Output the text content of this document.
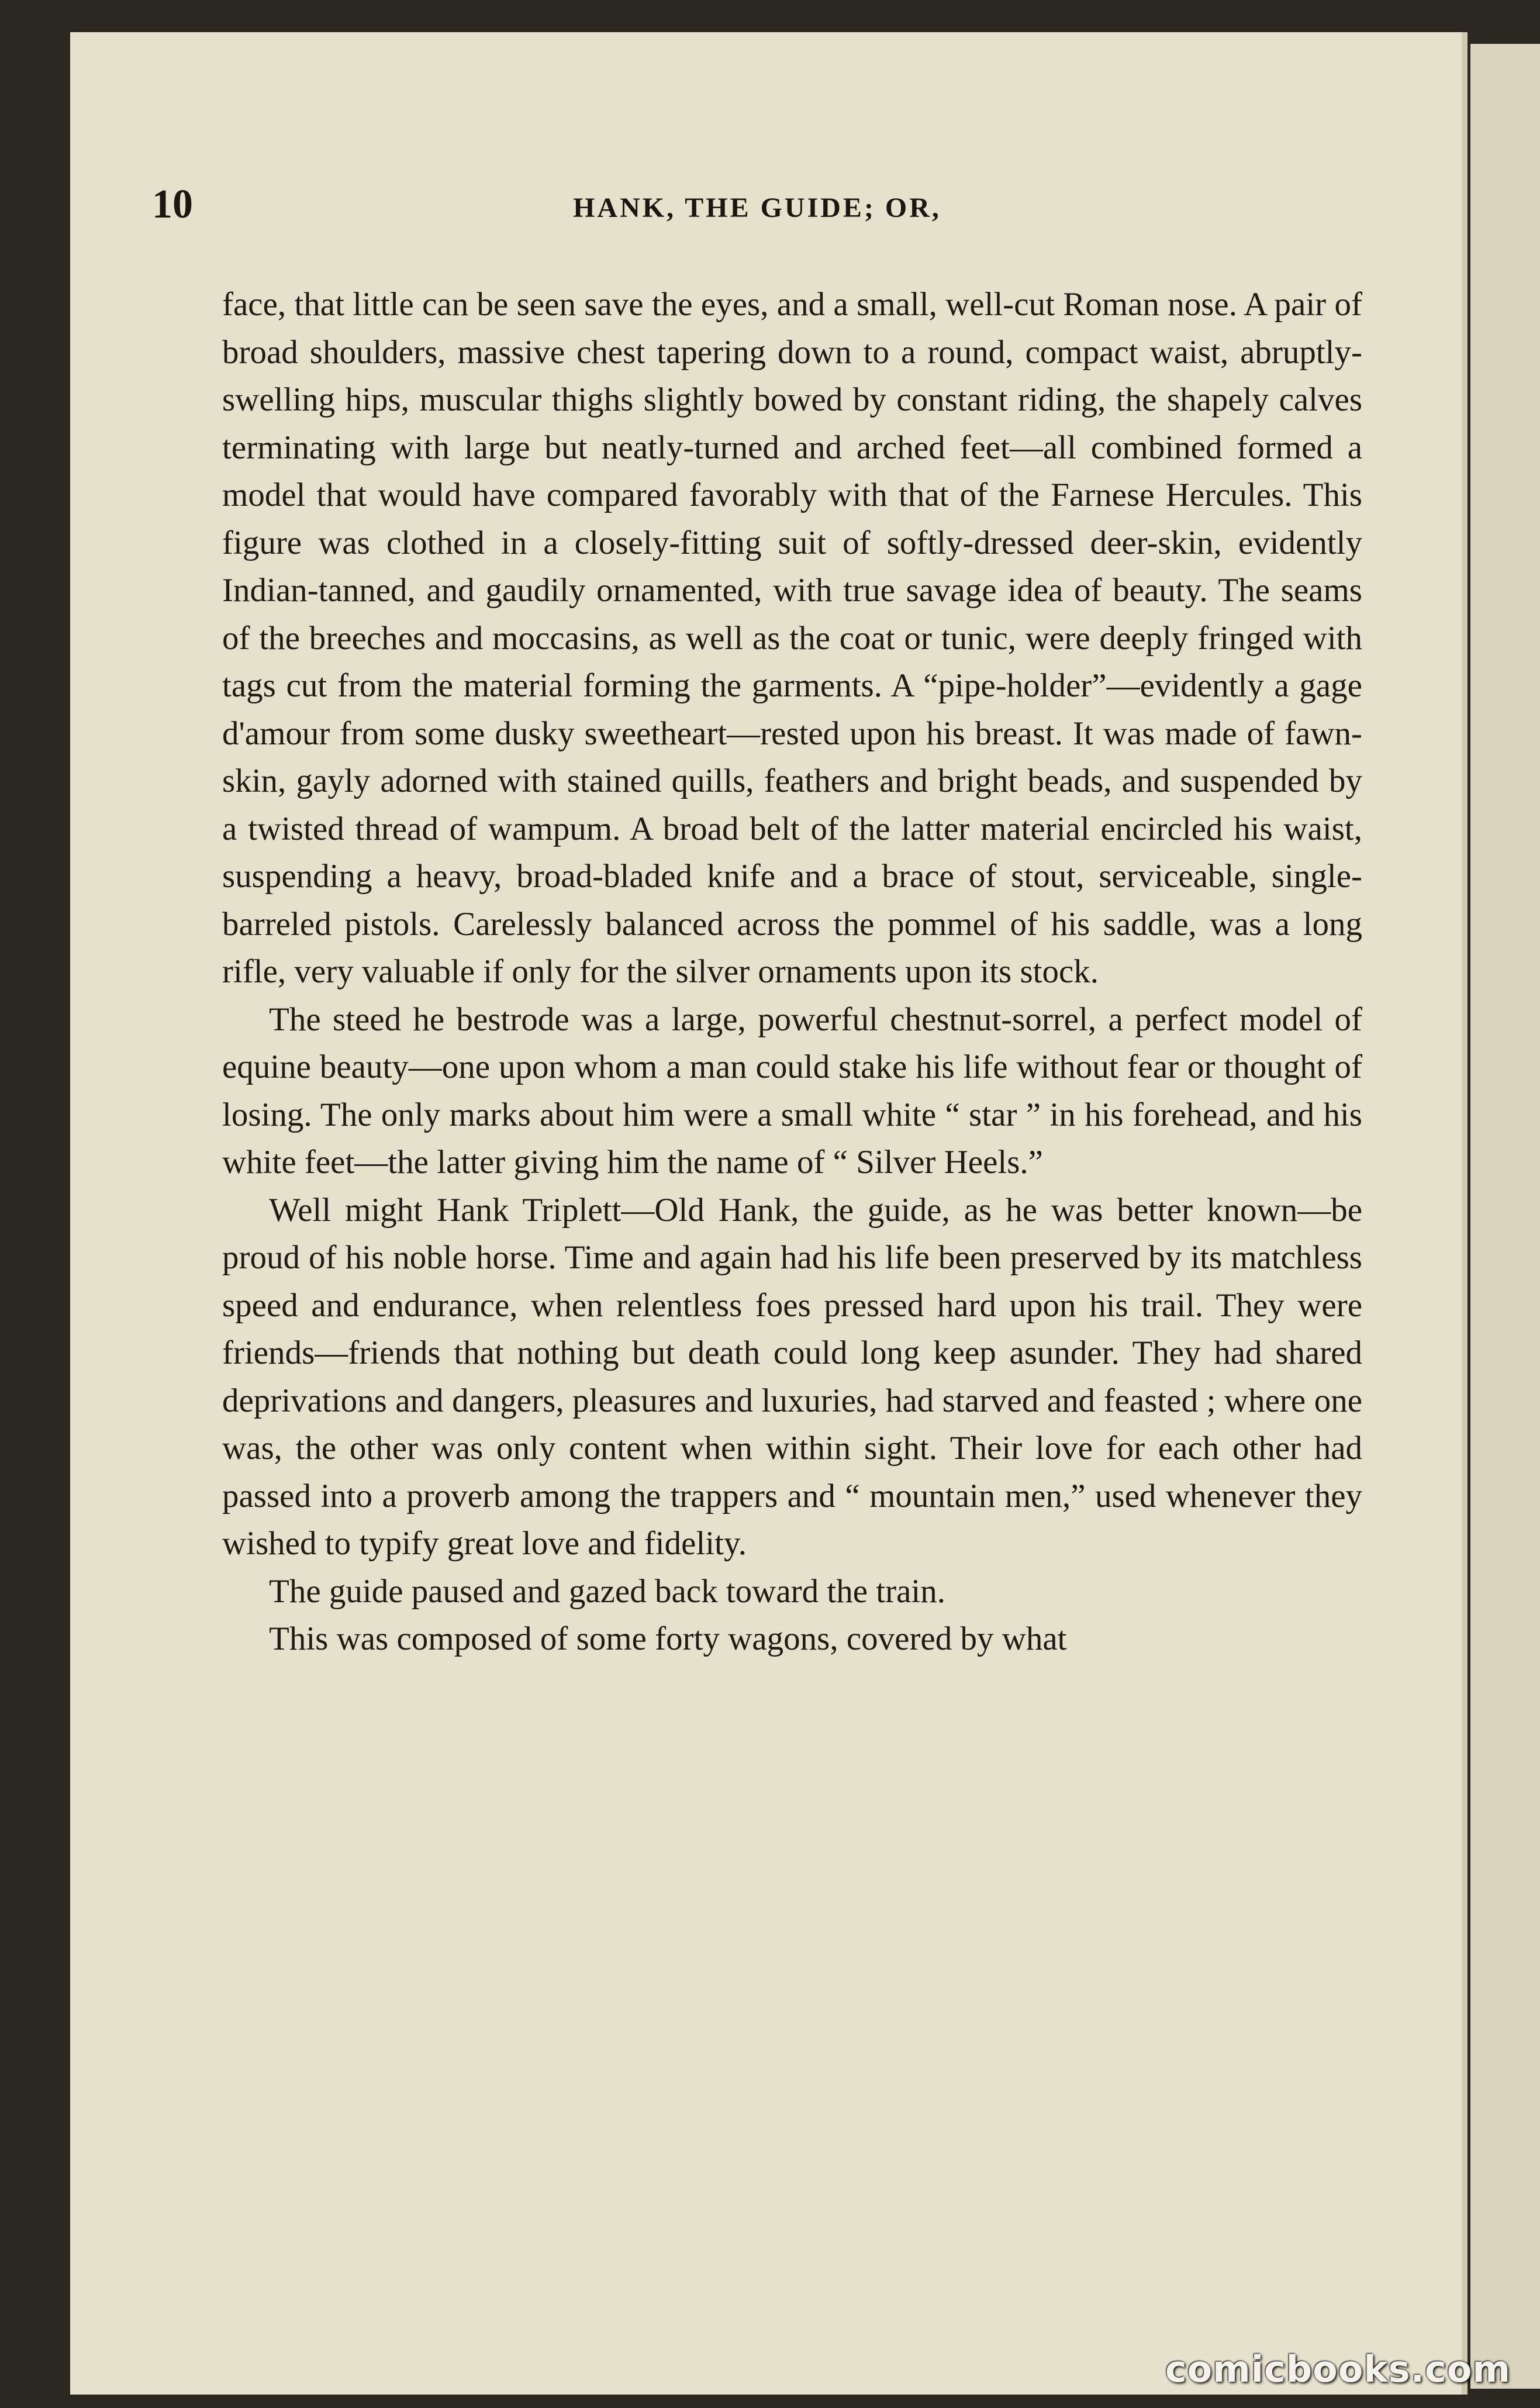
10	HANK, THE GUIDE; OR,

face, that little can be seen save the eyes, and a small, well-cut Roman nose. A pair of broad shoulders, massive chest tapering down to a round, compact waist, abruptly-swelling hips, muscular thighs slightly bowed by constant riding, the shapely calves terminating with large but neatly-turned and arched feet—all combined formed a model that would have compared favorably with that of the Farnese Hercules. This figure was clothed in a closely-fitting suit of softly-dressed deer-skin, evidently Indian-tanned, and gaudily ornamented, with true savage idea of beauty. The seams of the breeches and moccasins, as well as the coat or tunic, were deeply fringed with tags cut from the material forming the garments. A “pipe-holder”—evidently a gage d'amour from some dusky sweetheart—rested upon his breast. It was made of fawn-skin, gayly adorned with stained quills, feathers and bright beads, and suspended by a twisted thread of wampum. A broad belt of the latter material encircled his waist, suspending a heavy, broad-bladed knife and a brace of stout, serviceable, single-barreled pistols. Carelessly balanced across the pommel of his saddle, was a long rifle, very valuable if only for the silver ornaments upon its stock.

The steed he bestrode was a large, powerful chestnut-sorrel, a perfect model of equine beauty—one upon whom a man could stake his life without fear or thought of losing. The only marks about him were a small white “ star ” in his forehead, and his white feet—the latter giving him the name of “ Silver Heels.”

Well might Hank Triplett—Old Hank, the guide, as he was better known—be proud of his noble horse. Time and again had his life been preserved by its matchless speed and endurance, when relentless foes pressed hard upon his trail. They were friends—friends that nothing but death could long keep asunder. They had shared deprivations and dangers, pleasures and luxuries, had starved and feasted ; where one was, the other was only content when within sight. Their love for each other had passed into a proverb among the trappers and “ mountain men,” used whenever they wished to typify great love and fidelity.

The guide paused and gazed back toward the train.

This was composed of some forty wagons, covered by what

comicbooks.com
